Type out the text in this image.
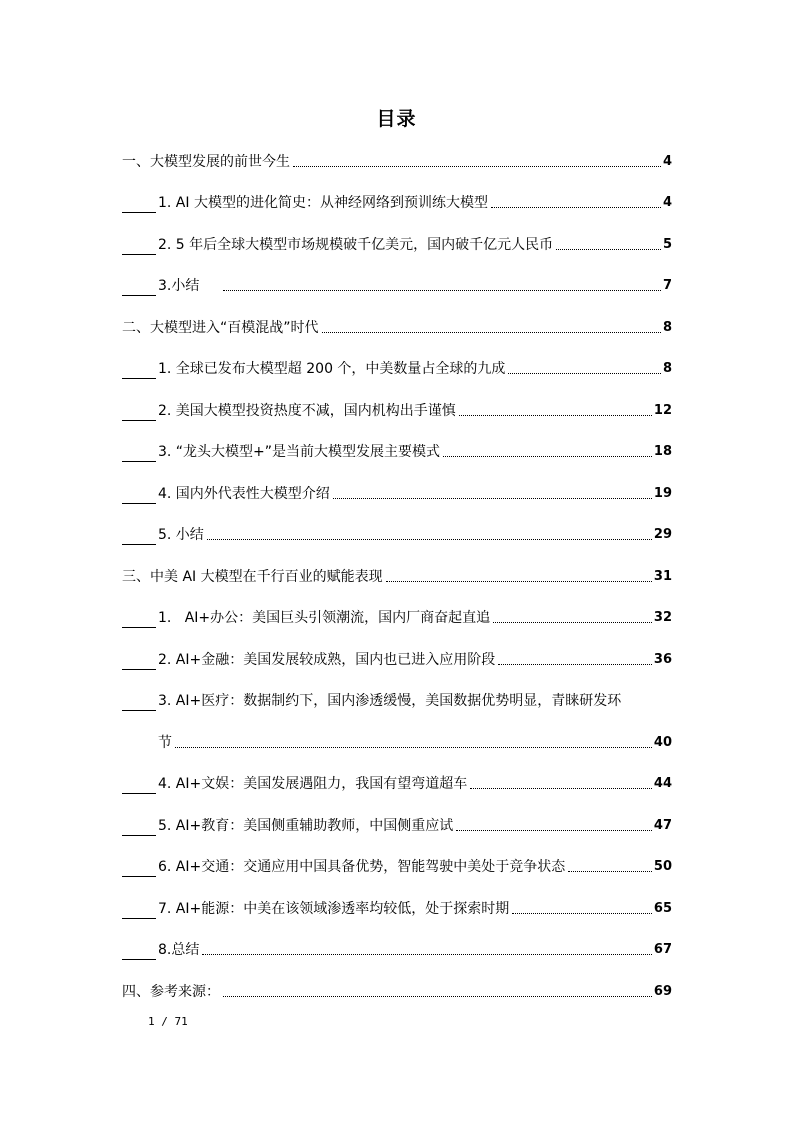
目录
一、大模型发展的前世今生	4
1. AI 大模型的进化简史：从神经网络到预训练大模型	4
2. 5 年后全球大模型市场规模破千亿美元，国内破千亿元人民币	5
3.小结	7
二、大模型进入“百模混战”时代	8
1. 全球已发布大模型超 200 个，中美数量占全球的九成	8
2. 美国大模型投资热度不减，国内机构出手谨慎	12
3. “龙头大模型+”是当前大模型发展主要模式	18
4. 国内外代表性大模型介绍	19
5. 小结	29
三、中美 AI 大模型在千行百业的赋能表现	31
1.   AI+办公：美国巨头引领潮流，国内厂商奋起直追	32
2. AI+金融：美国发展较成熟，国内也已进入应用阶段	36
3. AI+医疗：数据制约下，国内渗透缓慢，美国数据优势明显，青睐研发环
节	40
4. AI+文娱：美国发展遇阻力，我国有望弯道超车	44
5. AI+教育：美国侧重辅助教师，中国侧重应试	47
6. AI+交通：交通应用中国具备优势，智能驾驶中美处于竞争状态	50
7. AI+能源：中美在该领域渗透率均较低，处于探索时期	65
8.总结	67
四、参考来源：	69
1 / 71
